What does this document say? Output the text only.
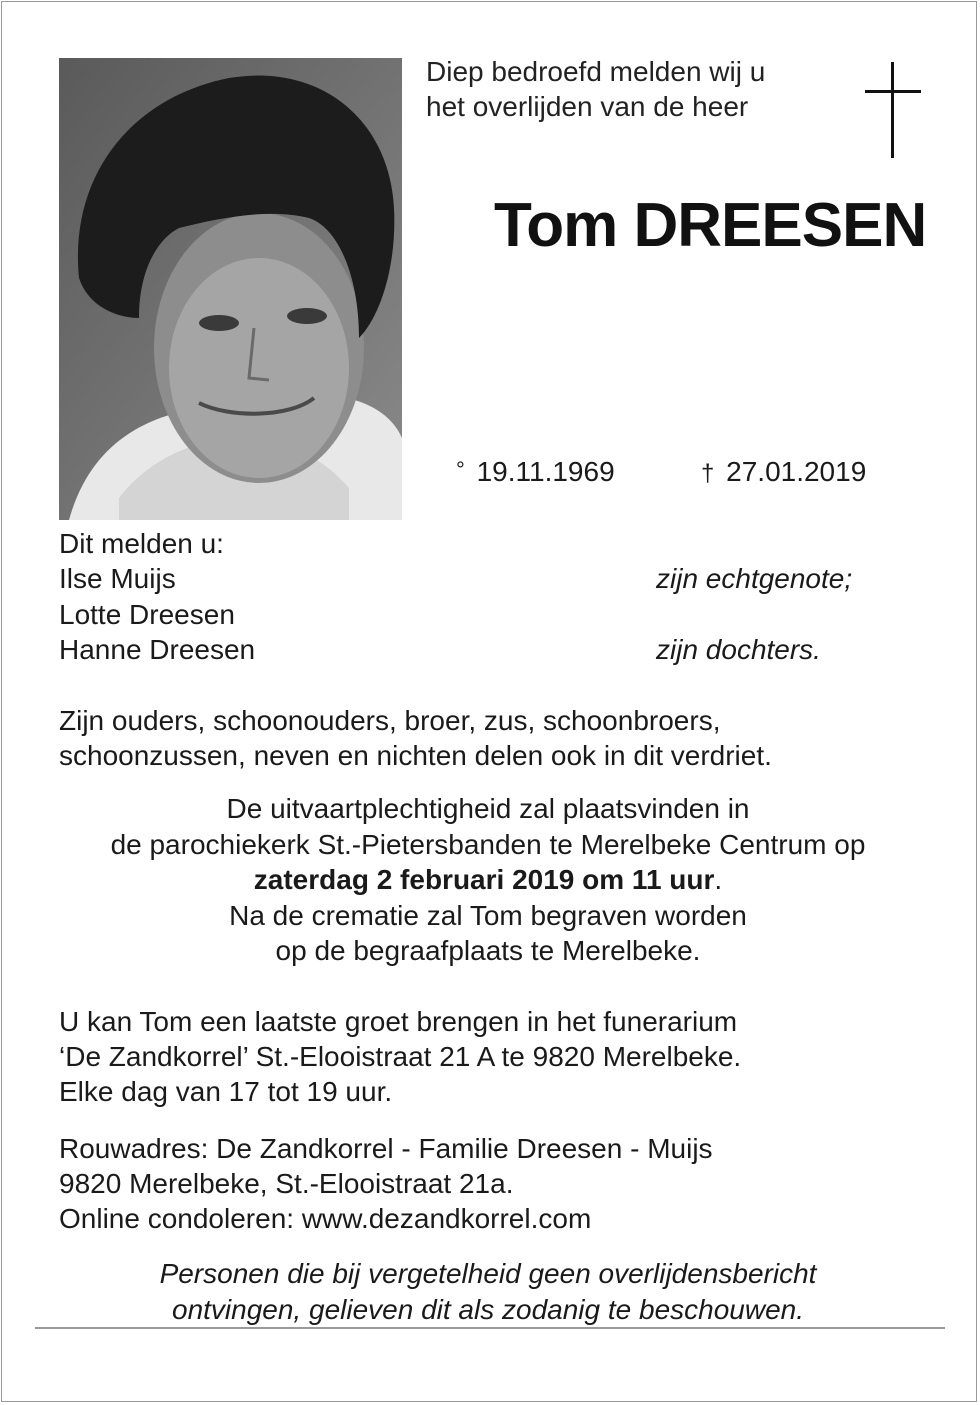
Diep bedroefd melden wij u
het overlijden van de heer
Tom DREESEN
° 19.11.1969	† 27.01.2019
Dit melden u:
Ilse Muijs	zijn echtgenote;
Lotte Dreesen
Hanne Dreesen	zijn dochters.
Zijn ouders, schoonouders, broer, zus, schoonbroers,
schoonzussen, neven en nichten delen ook in dit verdriet.
De uitvaartplechtigheid zal plaatsvinden in
de parochiekerk St.-Pietersbanden te Merelbeke Centrum op
zaterdag 2 februari 2019 om 11 uur.
Na de crematie zal Tom begraven worden
op de begraafplaats te Merelbeke.
U kan Tom een laatste groet brengen in het funerarium
‘De Zandkorrel’ St.-Elooistraat 21 A te 9820 Merelbeke.
Elke dag van 17 tot 19 uur.
Rouwadres: De Zandkorrel - Familie Dreesen - Muijs
9820 Merelbeke, St.-Elooistraat 21a.
Online condoleren: www.dezandkorrel.com
Personen die bij vergetelheid geen overlijdensbericht
ontvingen, gelieven dit als zodanig te beschouwen.
